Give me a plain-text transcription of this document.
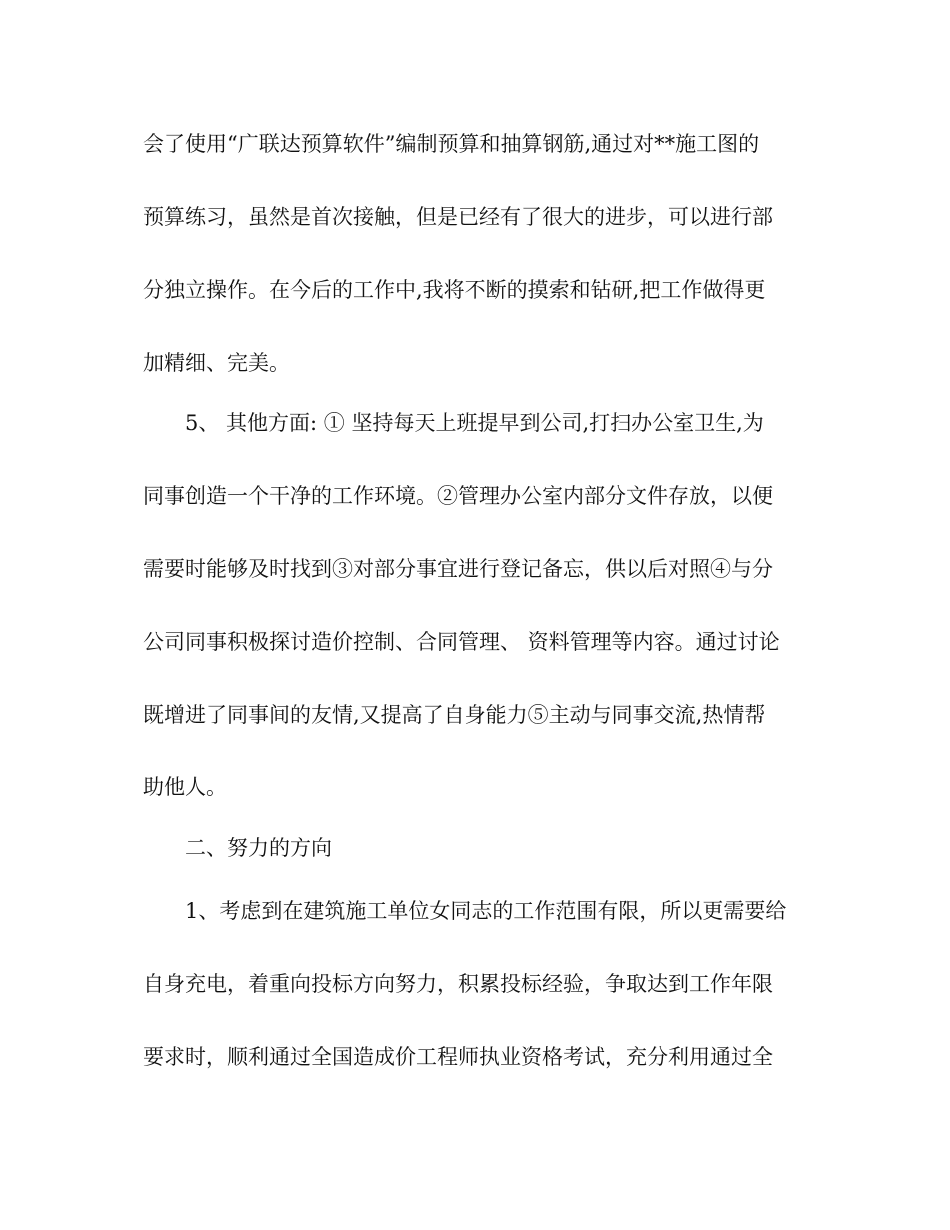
会了使用“广联达预算软件”编制预算和抽算钢筋,通过对**施工图的
预算练习，虽然是首次接触，但是已经有了很大的进步，可以进行部
分独立操作。在今后的工作中,我将不断的摸索和钻研,把工作做得更
加精细、完美。
5、 其他方面: ① 坚持每天上班提早到公司,打扫办公室卫生,为
同事创造一个干净的工作环境。②管理办公室内部分文件存放，以便
需要时能够及时找到③对部分事宜进行登记备忘，供以后对照④与分
公司同事积极探讨造价控制、合同管理、 资料管理等内容。通过讨论
既增进了同事间的友情,又提高了自身能力⑤主动与同事交流,热情帮
助他人。
二、努力的方向
1、考虑到在建筑施工单位女同志的工作范围有限，所以更需要给
自身充电，着重向投标方向努力，积累投标经验，争取达到工作年限
要求时，顺利通过全国造成价工程师执业资格考试，充分利用通过全
